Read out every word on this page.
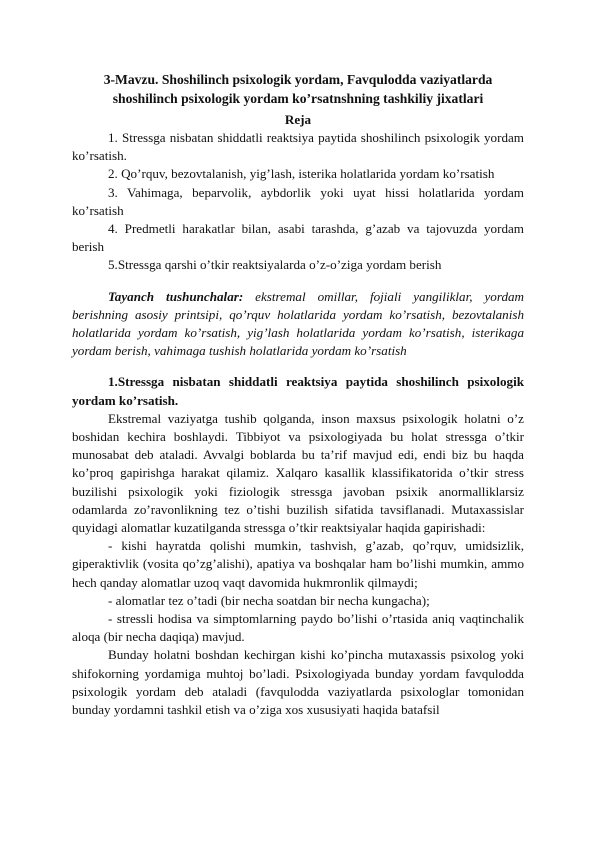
3-Mavzu. Shoshilinch psixologik yordam, Favqulodda vaziyatlarda
shoshilinch psixologik yordam koʼrsatnshning tashkiliy jixatlari
Reja

1. Stressga nisbatan shiddatli reaktsiya paytida shoshilinch psixologik yordam koʼrsatish.

2. Qoʼrquv, bezovtalanish, yigʼlash, isterika holatlarida yordam koʼrsatish

3. Vahimaga, beparvolik, aybdorlik yoki uyat hissi holatlarida yordam koʼrsatish

4. Predmetli harakatlar bilan, asabi tarashda, gʼazab va tajovuzda yordam berish

5.Stressga qarshi oʼtkir reaktsiyalarda oʼz-oʼziga yordam berish

Tayanch tushunchalar: ekstremal omillar, fojiali yangiliklar, yordam berishning asosiy printsipi, qoʼrquv holatlarida yordam koʼrsatish, bezovtalanish holatlarida yordam koʼrsatish, yigʼlash holatlarida yordam koʼrsatish, isterikaga yordam berish, vahimaga tushish holatlarida yordam koʼrsatish

1.Stressga nisbatan shiddatli reaktsiya paytida shoshilinch psixologik yordam koʼrsatish.

Ekstremal vaziyatga tushib qolganda, inson maxsus psixologik holatni oʼz boshidan kechira boshlaydi. Tibbiyot va psixologiyada bu holat stressga oʼtkir munosabat deb ataladi. Avvalgi boblarda bu taʼrif mavjud edi, endi biz bu haqda koʼproq gapirishga harakat qilamiz. Xalqaro kasallik klassifikatorida oʼtkir stress buzilishi psixologik yoki fiziologik stressga javoban psixik anormalliklarsiz odamlarda zoʼravonlikning tez oʼtishi buzilish sifatida tavsiflanadi. Mutaxassislar quyidagi alomatlar kuzatilganda stressga oʼtkir reaktsiyalar haqida gapirishadi:

- kishi hayratda qolishi mumkin, tashvish, gʼazab, qoʼrquv, umidsizlik, giperaktivlik (vosita qoʼzgʼalishi), apatiya va boshqalar ham boʼlishi mumkin, ammo hech qanday alomatlar uzoq vaqt davomida hukmronlik qilmaydi;

- alomatlar tez oʼtadi (bir necha soatdan bir necha kungacha);

- stressli hodisa va simptomlarning paydo boʼlishi oʼrtasida aniq vaqtinchalik aloqa (bir necha daqiqa) mavjud.

Bunday holatni boshdan kechirgan kishi koʼpincha mutaxassis psixolog yoki shifokorning yordamiga muhtoj boʼladi. Psixologiyada bunday yordam favqulodda psixologik yordam deb ataladi (favqulodda vaziyatlarda psixologlar tomonidan bunday yordamni tashkil etish va oʼziga xos xususiyati haqida batafsil
